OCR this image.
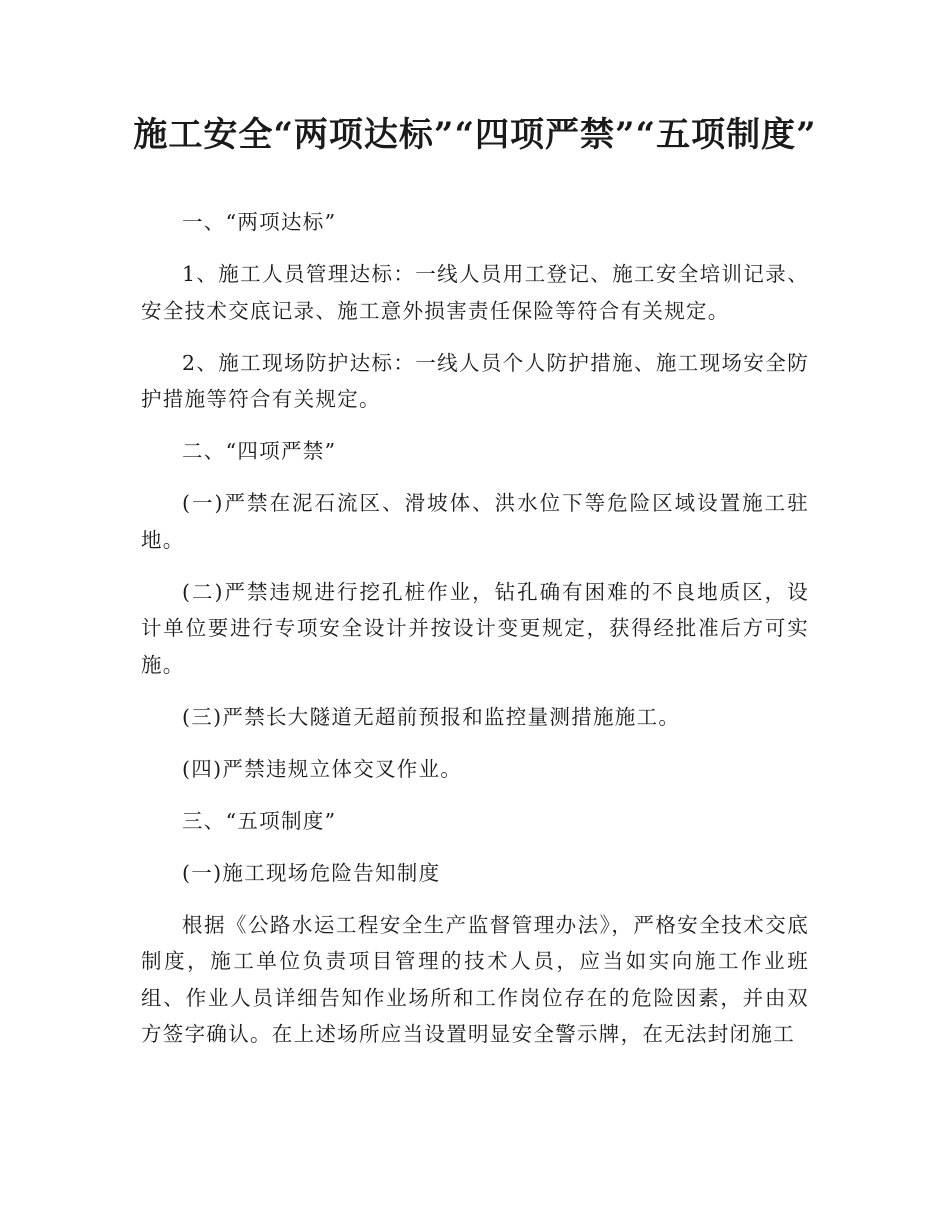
施工安全“两项达标”“四项严禁”“五项制度”

一、“两项达标”

1、施工人员管理达标：一线人员用工登记、施工安全培训记录、安全技术交底记录、施工意外损害责任保险等符合有关规定。

2、施工现场防护达标：一线人员个人防护措施、施工现场安全防护措施等符合有关规定。

二、“四项严禁”

(一)严禁在泥石流区、滑坡体、洪水位下等危险区域设置施工驻地。

(二)严禁违规进行挖孔桩作业，钻孔确有困难的不良地质区，设计单位要进行专项安全设计并按设计变更规定，获得经批准后方可实施。

(三)严禁长大隧道无超前预报和监控量测措施施工。

(四)严禁违规立体交叉作业。

三、“五项制度”

(一)施工现场危险告知制度

根据《公路水运工程安全生产监督管理办法》，严格安全技术交底制度，施工单位负责项目管理的技术人员，应当如实向施工作业班组、作业人员详细告知作业场所和工作岗位存在的危险因素，并由双方签字确认。在上述场所应当设置明显安全警示牌，在无法封闭施工
